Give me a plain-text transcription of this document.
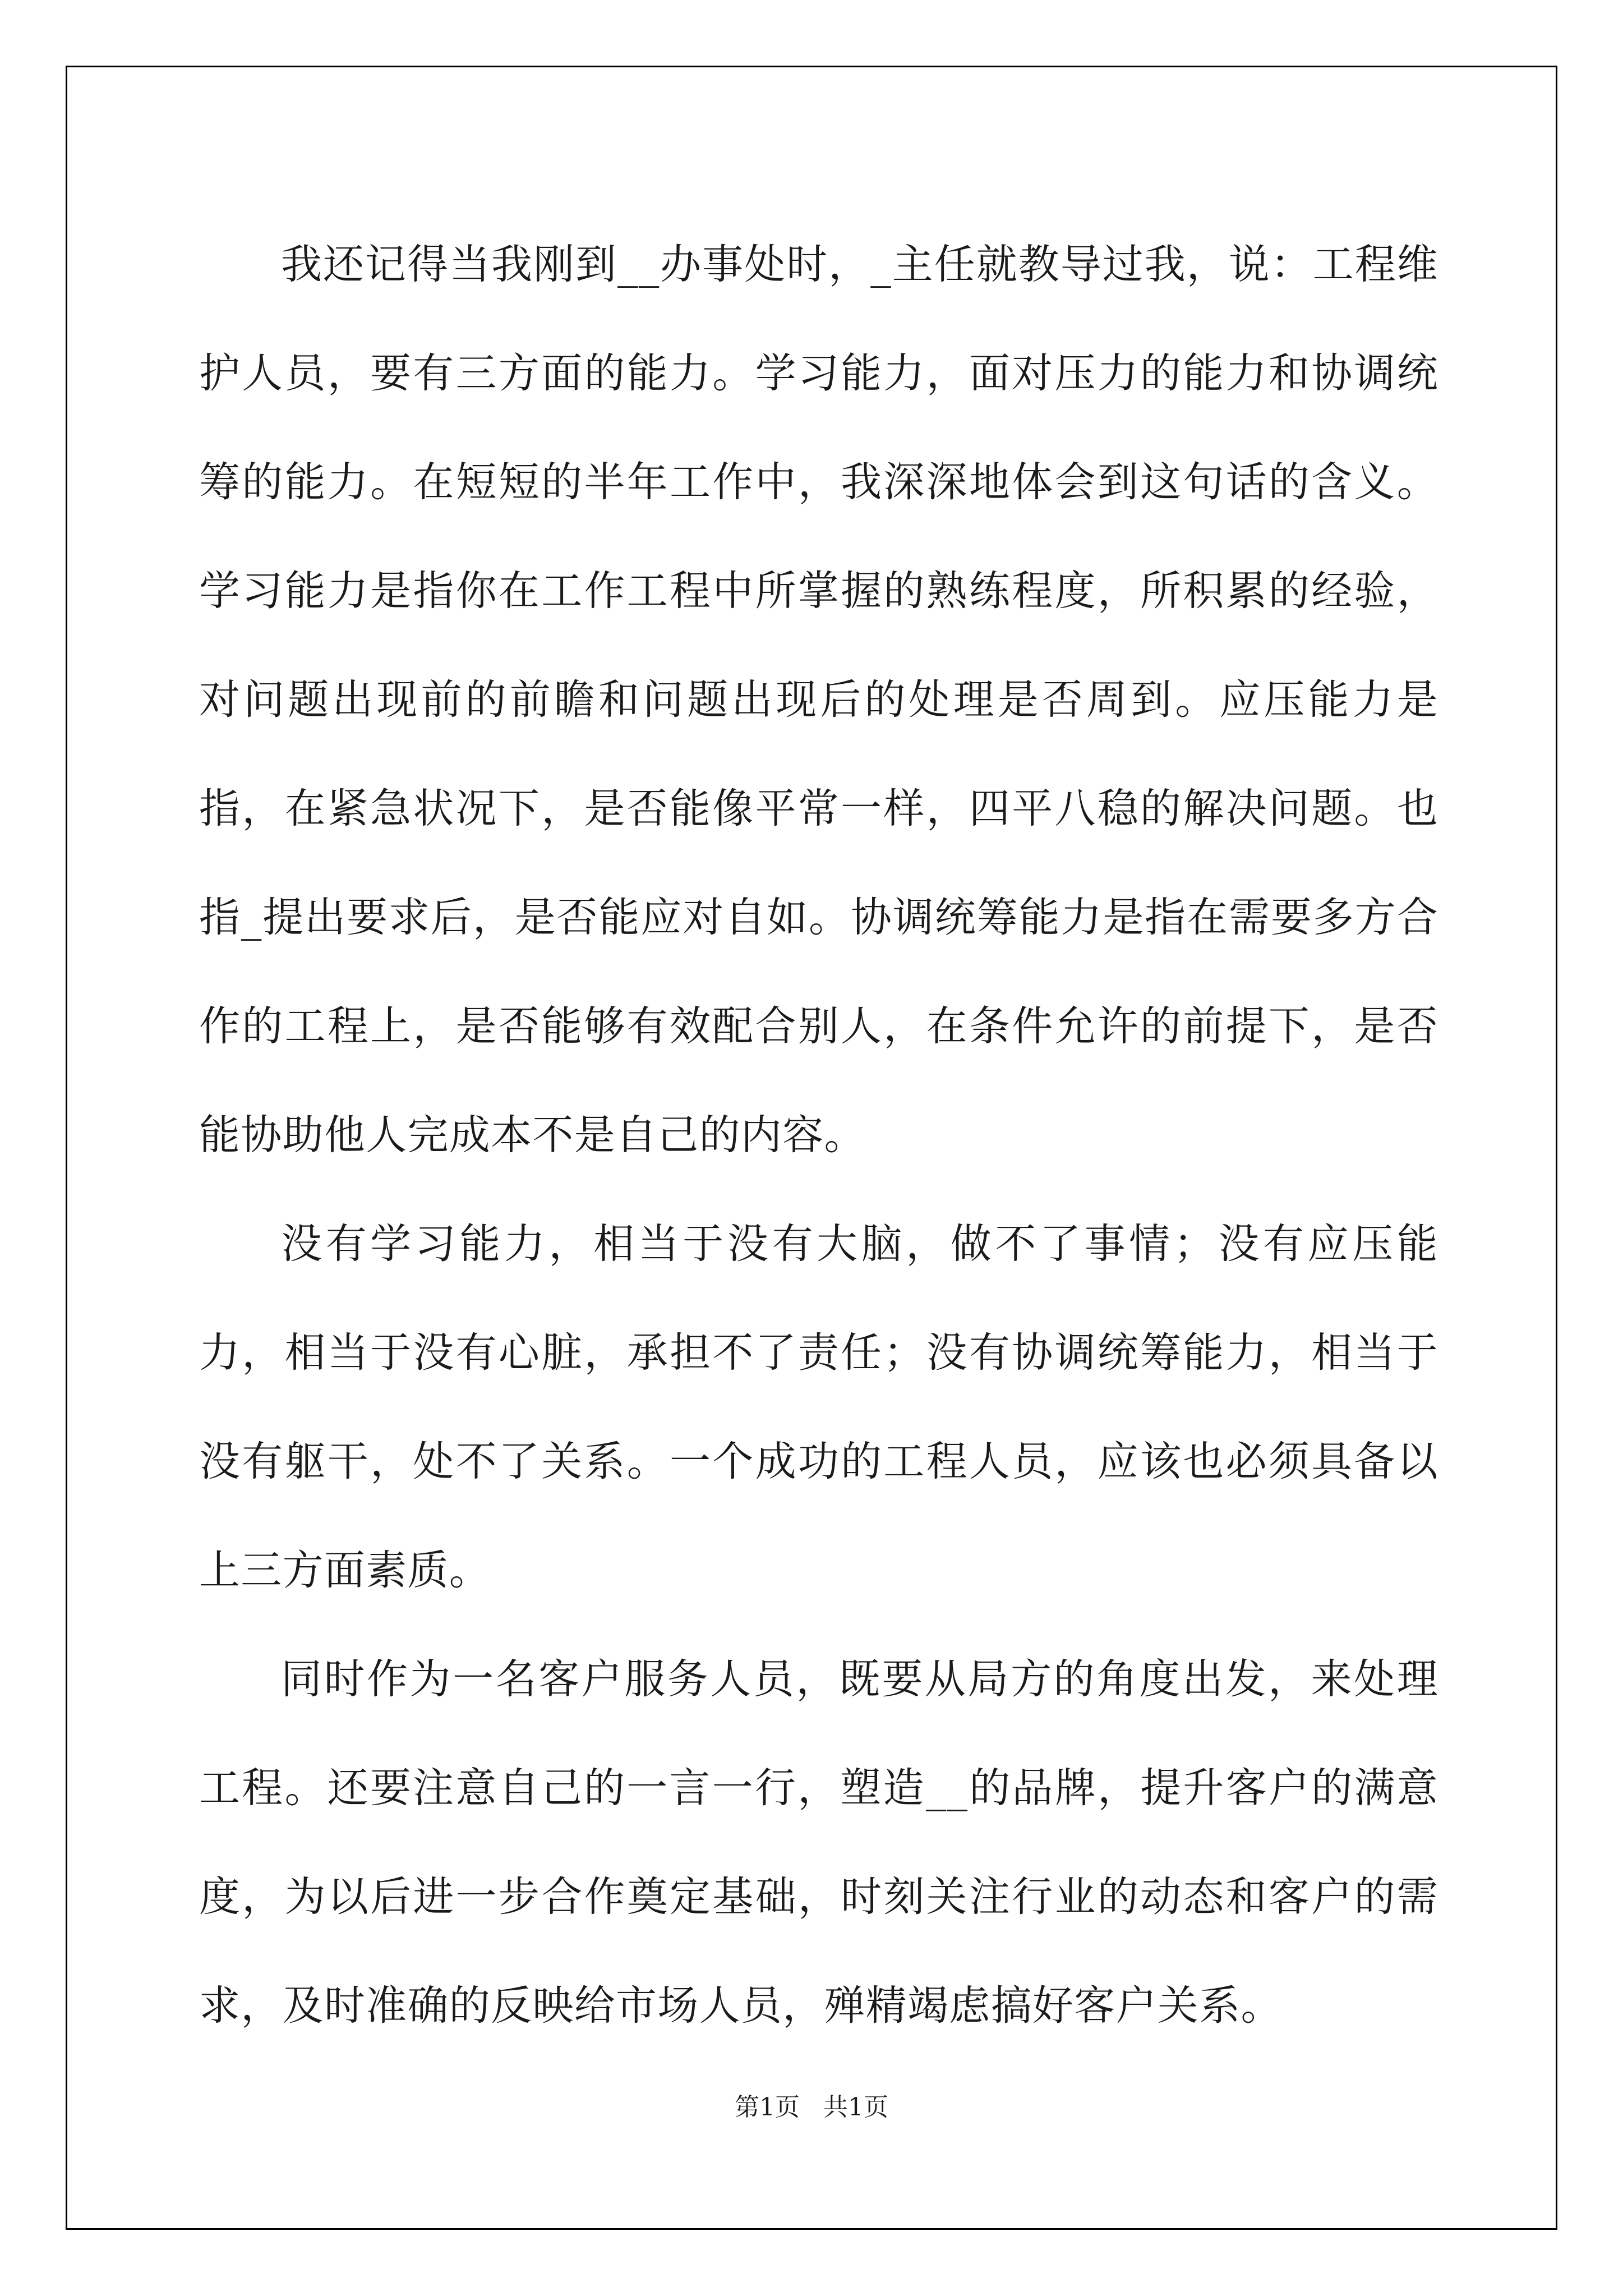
我还记得当我刚到__办事处时，_主任就教导过我，说：工程维护人员，要有三方面的能力。学习能力，面对压力的能力和协调统筹的能力。在短短的半年工作中，我深深地体会到这句话的含义。学习能力是指你在工作工程中所掌握的熟练程度，所积累的经验，对问题出现前的前瞻和问题出现后的处理是否周到。应压能力是指，在紧急状况下，是否能像平常一样，四平八稳的解决问题。也指_提出要求后，是否能应对自如。协调统筹能力是指在需要多方合作的工程上，是否能够有效配合别人，在条件允许的前提下，是否能协助他人完成本不是自己的内容。

没有学习能力，相当于没有大脑，做不了事情；没有应压能力，相当于没有心脏，承担不了责任；没有协调统筹能力，相当于没有躯干，处不了关系。一个成功的工程人员，应该也必须具备以上三方面素质。

同时作为一名客户服务人员，既要从局方的角度出发，来处理工程。还要注意自己的一言一行，塑造__的品牌，提升客户的满意度，为以后进一步合作奠定基础，时刻关注行业的动态和客户的需求，及时准确的反映给市场人员，殚精竭虑搞好客户关系。

第1页 共1页
